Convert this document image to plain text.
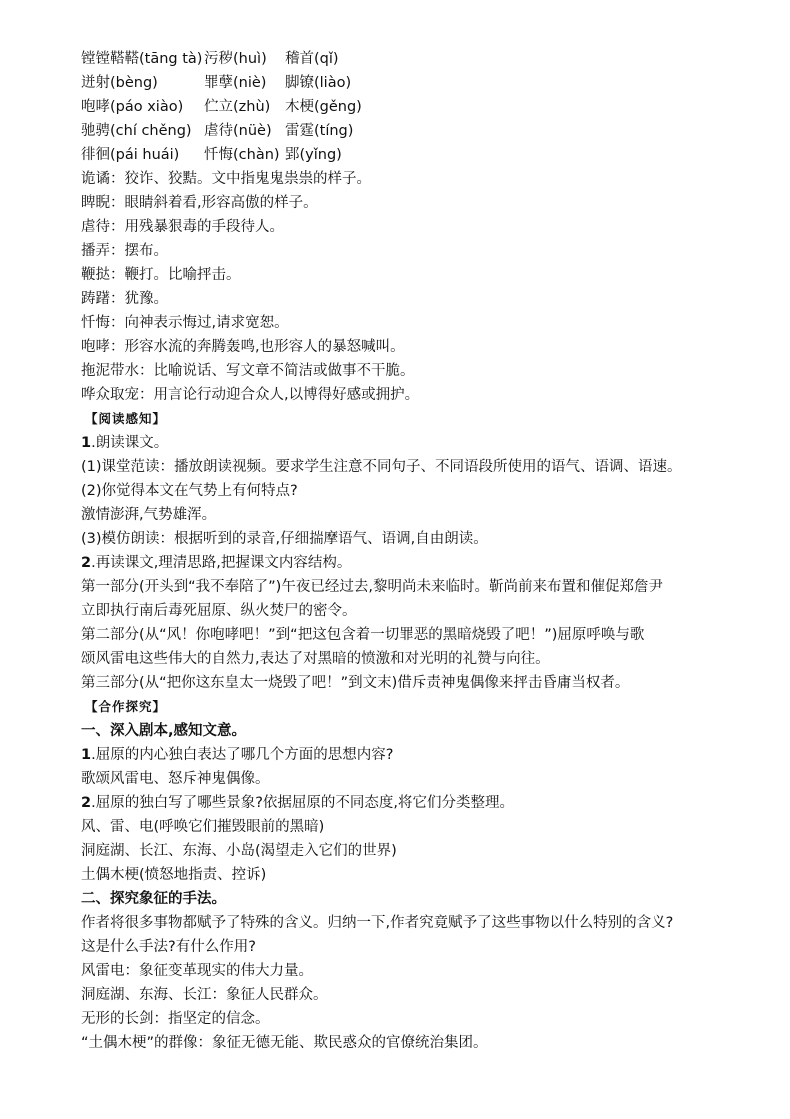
镗镗鞳鞳(tāng tà) 污秽(huì) 稽首(qǐ)
迸射(bèng)	罪孽(niè) 脚镣(liào)
咆哮(páo xiào) 伫立(zhù) 木梗(gěng)
驰骋(chí chěng) 虐待(nüè) 雷霆(tíng)
徘徊(pái huái) 忏悔(chàn) 郢(yǐng)
诡谲：狡诈、狡黠。文中指鬼鬼祟祟的样子。
睥睨：眼睛斜着看,形容高傲的样子。
虐待：用残暴狠毒的手段待人。
播弄：摆布。
鞭挞：鞭打。比喻抨击。
踌躇：犹豫。
忏悔：向神表示悔过,请求宽恕。
咆哮：形容水流的奔腾轰鸣,也形容人的暴怒喊叫。
拖泥带水：比喻说话、写文章不简洁或做事不干脆。
哗众取宠：用言论行动迎合众人,以博得好感或拥护。
【阅读感知】
1.朗读课文。
(1)课堂范读：播放朗读视频。要求学生注意不同句子、不同语段所使用的语气、语调、语速。
(2)你觉得本文在气势上有何特点?
激情澎湃,气势雄浑。
(3)模仿朗读：根据听到的录音,仔细揣摩语气、语调,自由朗读。
2.再读课文,理清思路,把握课文内容结构。
第一部分(开头到“我不奉陪了”)午夜已经过去,黎明尚未来临时。靳尚前来布置和催促郑詹尹
立即执行南后毒死屈原、纵火焚尸的密令。
第二部分(从“风！你咆哮吧！”到“把这包含着一切罪恶的黑暗烧毁了吧！”)屈原呼唤与歌
颂风雷电这些伟大的自然力,表达了对黑暗的愤激和对光明的礼赞与向往。
第三部分(从“把你这东皇太一烧毁了吧！”到文末)借斥责神鬼偶像来抨击昏庸当权者。
【合作探究】
一、深入剧本,感知文意。
1.屈原的内心独白表达了哪几个方面的思想内容?
歌颂风雷电、怒斥神鬼偶像。
2.屈原的独白写了哪些景象?依据屈原的不同态度,将它们分类整理。
风、雷、电(呼唤它们摧毁眼前的黑暗)
洞庭湖、长江、东海、小岛(渴望走入它们的世界)
土偶木梗(愤怒地指责、控诉)
二、探究象征的手法。
作者将很多事物都赋予了特殊的含义。归纳一下,作者究竟赋予了这些事物以什么特别的含义?
这是什么手法?有什么作用?
风雷电：象征变革现实的伟大力量。
洞庭湖、东海、长江：象征人民群众。
无形的长剑：指坚定的信念。
“土偶木梗”的群像：象征无德无能、欺民惑众的官僚统治集团。
